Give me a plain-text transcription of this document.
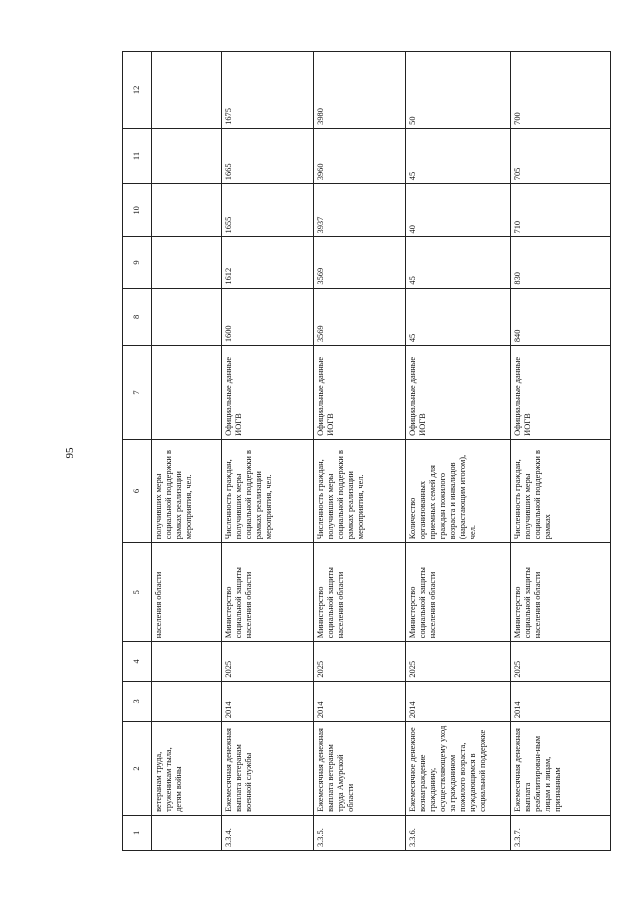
95
1	2	3	4	5	6	7	8	9	10	11	12
	ветеранам труда, труженикам тыла, детям войны			населения области	получивших меры социальной поддержки в рамках реализации мероприятия, чел.						
3.3.4.	Ежемесячная денежная выплата ветеранам военной службы	2014	2025	Министерство социальной защиты населения области	Численность граждан, получивших меры социальной поддержки в рамках реализации мероприятия, чел.	Официальные данные ИОГВ	1600	1612	1655	1665	1675
3.3.5.	Ежемесячная денежная выплата ветеранам труда Амурской области	2014	2025	Министерство социальной защиты населения области	Численность граждан, получивших меры социальной поддержки в рамках реализации мероприятия, чел.	Официальные данные ИОГВ	3569	3569	3937	3960	3980
3.3.6.	Ежемесячное денежное вознаграждение гражданину, осуществляющему уход за гражданином пожилого возраста, нуждающимся в социальной поддержке	2014	2025	Министерство социальной защиты населения области	Количество организованных приемных семей для граждан пожилого возраста и инвалидов (нарастающим итогом), чел.	Официальные данные ИОГВ	45	45	40	45	50
3.3.7.	Ежемесячная денежная выплата реабилитирован-ным лицам и лицам, признанным	2014	2025	Министерство социальной защиты населения области	Численность граждан, получивших меры социальной поддержки в рамках	Официальные данные ИОГВ	840	830	710	705	700
